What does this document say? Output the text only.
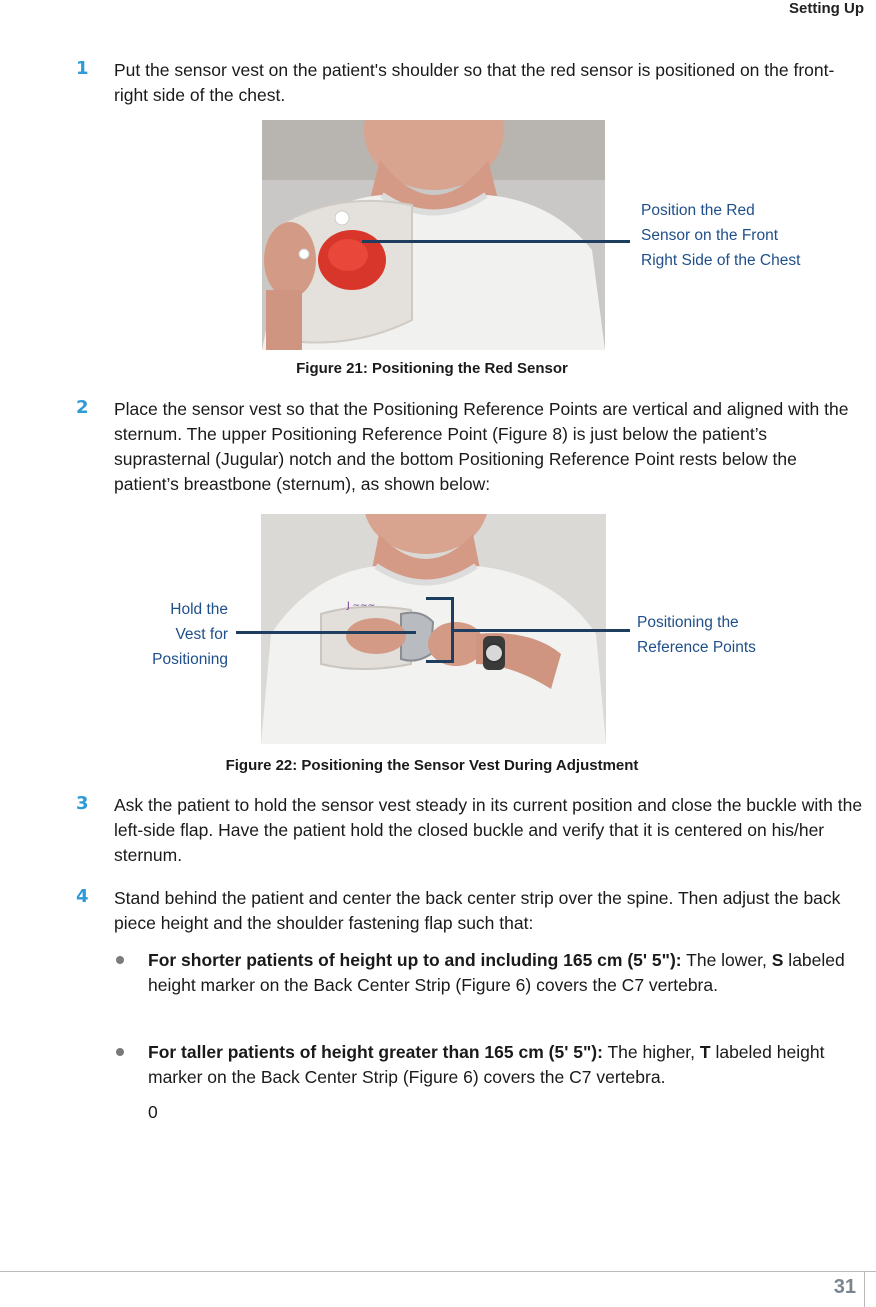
Setting Up
1	Put the sensor vest on the patient's shoulder so that the red sensor is positioned on the front-right side of the chest.
Position the Red
Sensor on the Front
Right Side of the Chest
Figure 21: Positioning the Red Sensor
2	Place the sensor vest so that the Positioning Reference Points are vertical and aligned with the sternum. The upper Positioning Reference Point (Figure 8) is just below the patient’s suprasternal (Jugular) notch and the bottom Positioning Reference Point rests below the patient’s breastbone (sternum), as shown below:
J ~~~
Hold the
Vest for
Positioning
Positioning the
Reference Points
Figure 22: Positioning the Sensor Vest During Adjustment
3	Ask the patient to hold the sensor vest steady in its current position and close the buckle with the left-side flap. Have the patient hold the closed buckle and verify that it is centered on his/her sternum.
4	Stand behind the patient and center the back center strip over the spine. Then adjust the back piece height and the shoulder fastening flap such that:
For shorter patients of height up to and including 165 cm (5' 5"): The lower, S labeled height marker on the Back Center Strip (Figure 6) covers the C7 vertebra.
For taller patients of height greater than 165 cm (5' 5"): The higher, T labeled height marker on the Back Center Strip (Figure 6) covers the C7 vertebra.
0
31
